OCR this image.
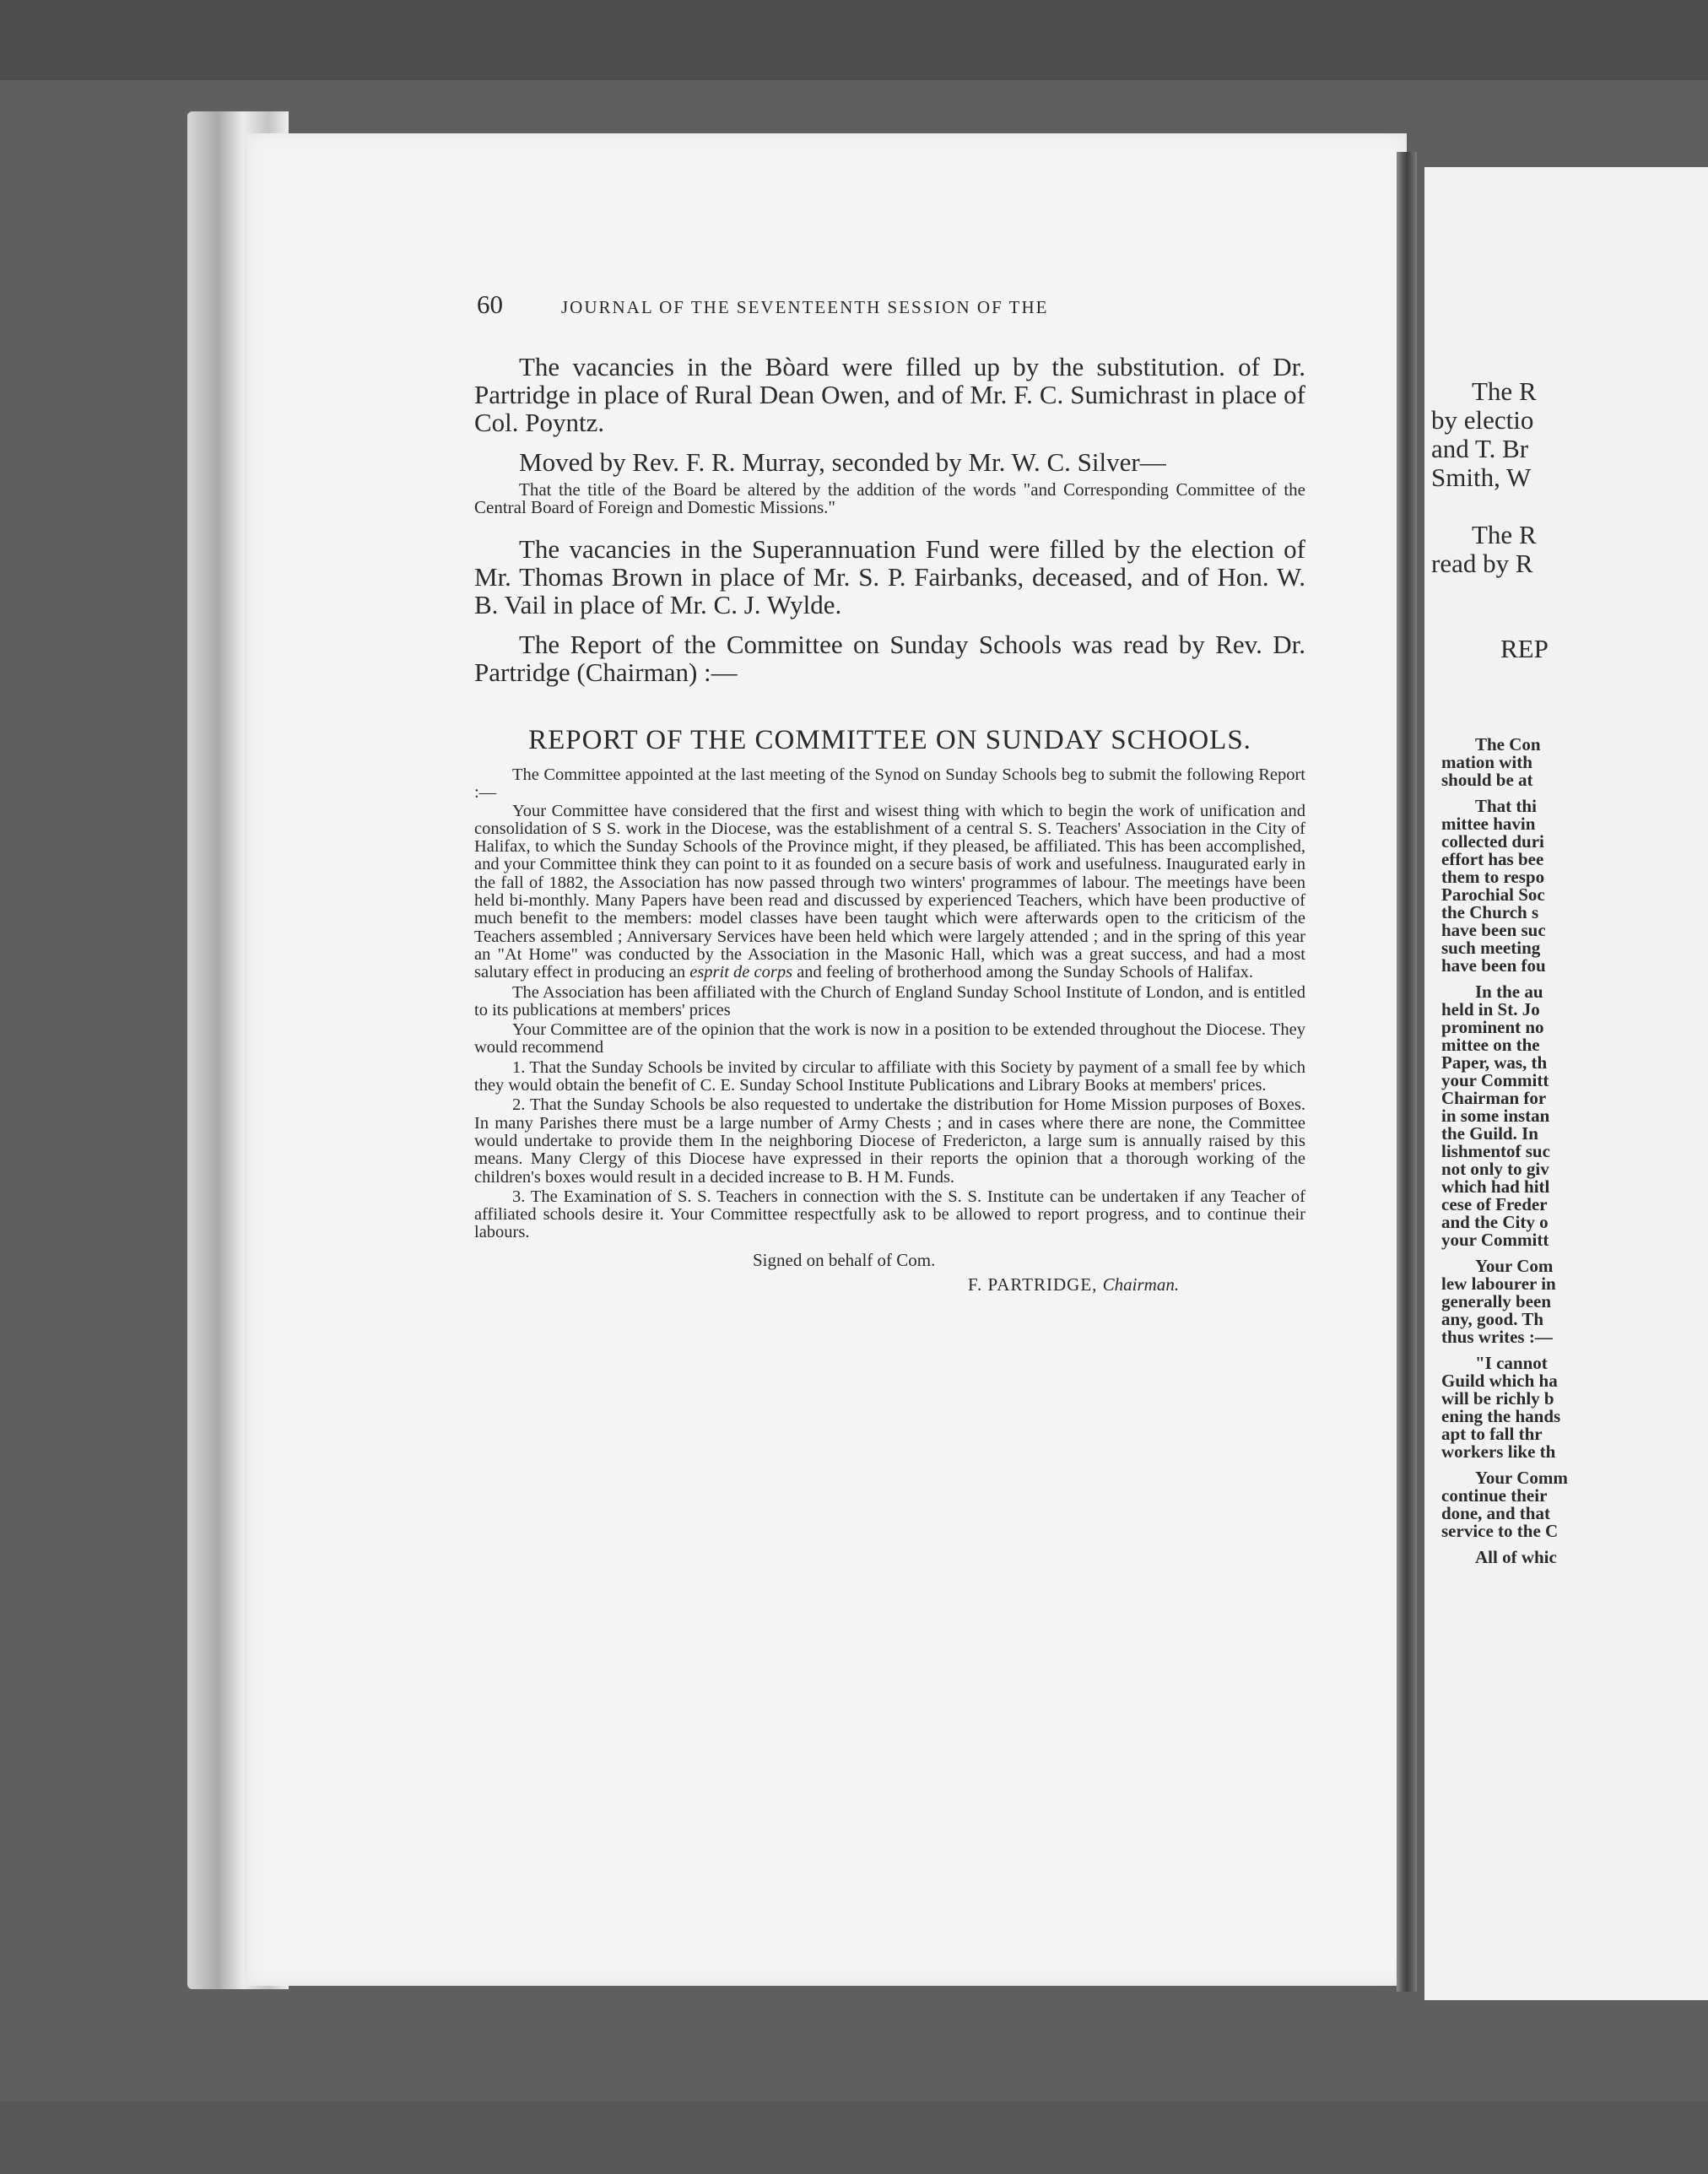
The R
by electio
and T. Br
Smith, W
The R
read by R
REP
The Con
mation with
should be at
That thi
mittee havin
collected duri
effort has bee
them to respo
Parochial Soc
the Church s
have been suc
such meeting
have been fou
In the au
held in St. Jo
prominent no
mittee on the
Paper, was, th
your Committ
Chairman for
in some instan
the Guild. In
lishmentof suc
not only to giv
which had hitl
cese of Freder
and the City o
your Committ
Your Com
lew labourer in
generally been
any, good. Th
thus writes :—
"I cannot
Guild which ha
will be richly b
ening the hands
apt to fall thr
workers like th
Your Comm
continue their
done, and that
service to the C
All of whic
60	JOURNAL OF THE SEVENTEENTH SESSION OF THE

The vacancies in the Bòard were filled up by the substitution. of Dr. Partridge in place of Rural Dean Owen, and of Mr. F. C. Sumichrast in place of Col. Poyntz.

Moved by Rev. F. R. Murray, seconded by Mr. W. C. Silver—

That the title of the Board be altered by the addition of the words "and Corresponding Committee of the Central Board of Foreign and Domestic Missions."

The vacancies in the Superannuation Fund were filled by the election of Mr. Thomas Brown in place of Mr. S. P. Fairbanks, deceased, and of Hon. W. B. Vail in place of Mr. C. J. Wylde.

The Report of the Committee on Sunday Schools was read by Rev. Dr. Partridge (Chairman) :—

REPORT OF THE COMMITTEE ON SUNDAY SCHOOLS.

The Committee appointed at the last meeting of the Synod on Sunday Schools beg to submit the following Report :—

Your Committee have considered that the first and wisest thing with which to begin the work of unification and consolidation of S S. work in the Diocese, was the establishment of a central S. S. Teachers' Association in the City of Halifax, to which the Sunday Schools of the Province might, if they pleased, be affiliated. This has been accomplished, and your Committee think they can point to it as founded on a secure basis of work and usefulness. Inaugurated early in the fall of 1882, the Association has now passed through two winters' programmes of labour. The meetings have been held bi-monthly. Many Papers have been read and discussed by experienced Teachers, which have been productive of much benefit to the members: model classes have been taught which were afterwards open to the criticism of the Teachers assembled ; Anniversary Services have been held which were largely attended ; and in the spring of this year an "At Home" was conducted by the Association in the Masonic Hall, which was a great success, and had a most salutary effect in producing an esprit de corps and feeling of brotherhood among the Sunday Schools of Halifax.

The Association has been affiliated with the Church of England Sunday School Institute of London, and is entitled to its publications at members' prices

Your Committee are of the opinion that the work is now in a position to be extended throughout the Diocese. They would recommend

1. That the Sunday Schools be invited by circular to affiliate with this Society by payment of a small fee by which they would obtain the benefit of C. E. Sunday School Institute Publications and Library Books at members' prices.

2. That the Sunday Schools be also requested to undertake the distribution for Home Mission purposes of Boxes. In many Parishes there must be a large number of Army Chests ; and in cases where there are none, the Committee would undertake to provide them In the neighboring Diocese of Fredericton, a large sum is annually raised by this means. Many Clergy of this Diocese have expressed in their reports the opinion that a thorough working of the children's boxes would result in a decided increase to B. H M. Funds.

3. The Examination of S. S. Teachers in connection with the S. S. Institute can be undertaken if any Teacher of affiliated schools desire it. Your Committee respectfully ask to be allowed to report progress, and to continue their labours.

Signed on behalf of Com.
F. PARTRIDGE, Chairman.
